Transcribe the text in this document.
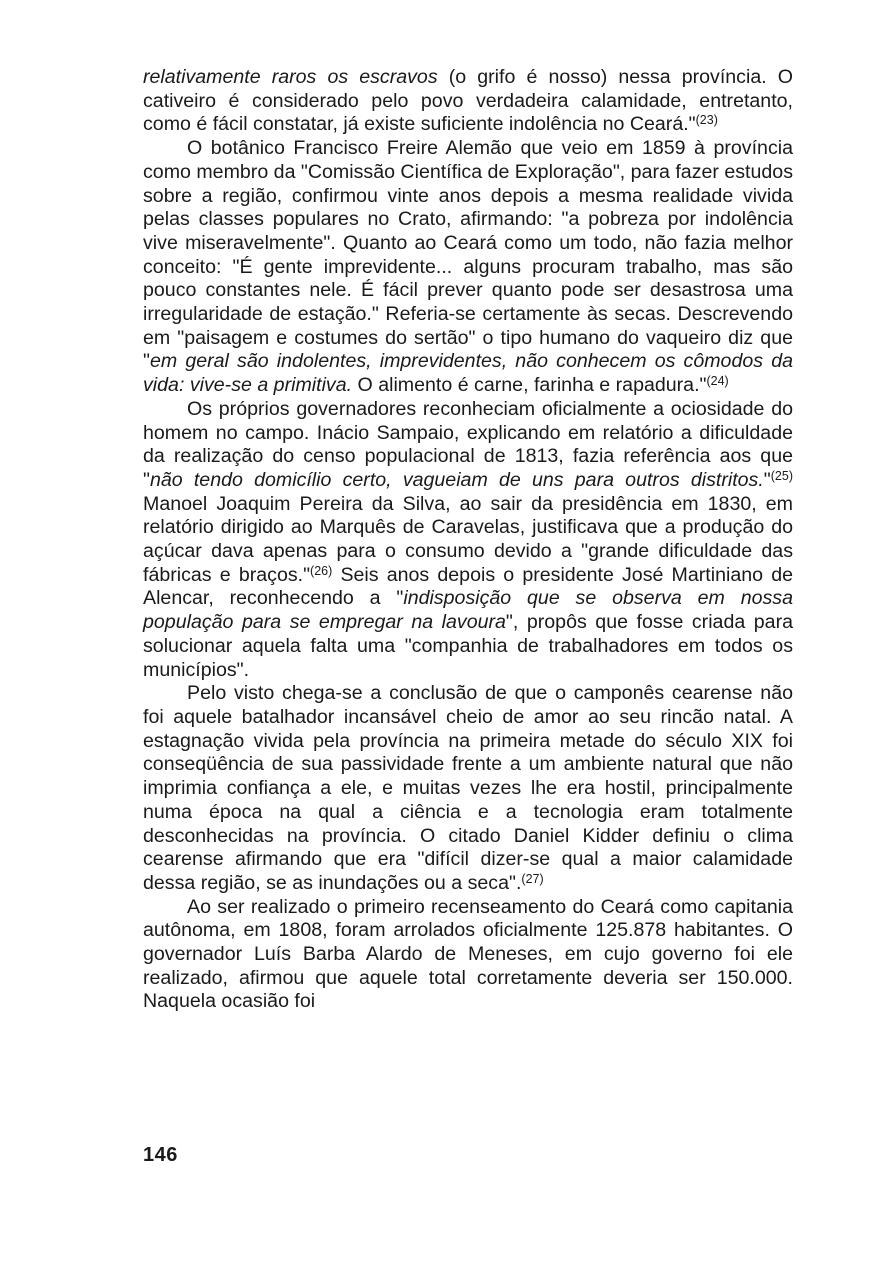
relativamente raros os escravos (o grifo é nosso) nessa província. O cativeiro é considerado pelo povo verdadeira calamidade, entretanto, como é fácil constatar, já existe suficiente indolência no Ceará."$^{(23)}$

O botânico Francisco Freire Alemão que veio em 1859 à província como membro da "Comissão Científica de Exploração", para fazer estudos sobre a região, confirmou vinte anos depois a mesma realidade vivida pelas classes populares no Crato, afirmando: "a pobreza por indolência vive miseravelmente". Quanto ao Ceará como um todo, não fazia melhor conceito: "É gente imprevidente... alguns procuram trabalho, mas são pouco constantes nele. É fácil prever quanto pode ser desastrosa uma irregularidade de estação." Referia-se certamente às secas. Descrevendo em "paisagem e costumes do sertão" o tipo humano do vaqueiro diz que "em geral são indolentes, imprevidentes, não conhecem os cômodos da vida: vive-se a primitiva. O alimento é carne, farinha e rapadura."$^{(24)}$

Os próprios governadores reconheciam oficialmente a ociosidade do homem no campo. Inácio Sampaio, explicando em relatório a dificuldade da realização do censo populacional de 1813, fazia referência aos que "não tendo domicílio certo, vagueiam de uns para outros distritos."$^{(25)}$ Manoel Joaquim Pereira da Silva, ao sair da presidência em 1830, em relatório dirigido ao Marquês de Caravelas, justificava que a produção do açúcar dava apenas para o consumo devido a "grande dificuldade das fábricas e braços."$^{(26)}$ Seis anos depois o presidente José Martiniano de Alencar, reconhecendo a "indisposição que se observa em nossa população para se empregar na lavoura", propôs que fosse criada para solucionar aquela falta uma "companhia de trabalhadores em todos os municípios".

Pelo visto chega-se a conclusão de que o camponês cearense não foi aquele batalhador incansável cheio de amor ao seu rincão natal. A estagnação vivida pela província na primeira metade do século XIX foi conseqüência de sua passividade frente a um ambiente natural que não imprimia confiança a ele, e muitas vezes lhe era hostil, principalmente numa época na qual a ciência e a tecnologia eram totalmente desconhecidas na província. O citado Daniel Kidder definiu o clima cearense afirmando que era "difícil dizer-se qual a maior calamidade dessa região, se as inundações ou a seca".$^{(27)}$

Ao ser realizado o primeiro recenseamento do Ceará como capitania autônoma, em 1808, foram arrolados oficialmente 125.878 habitantes. O governador Luís Barba Alardo de Meneses, em cujo governo foi ele realizado, afirmou que aquele total corretamente deveria ser 150.000. Naquela ocasião foi

146
